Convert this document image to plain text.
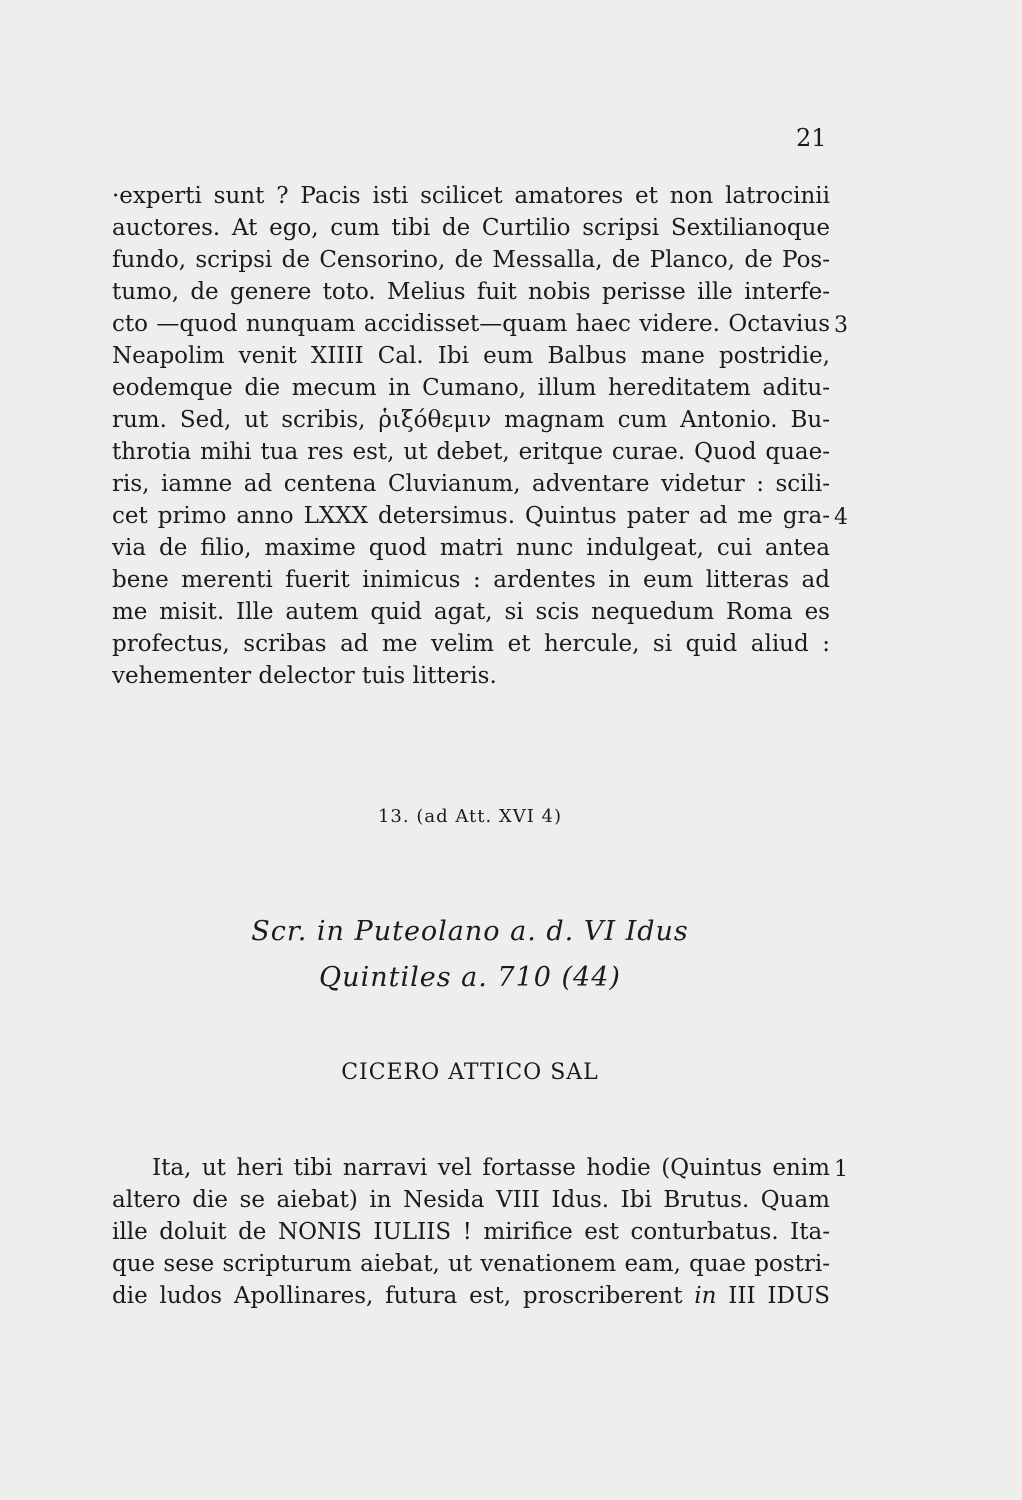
21
·experti sunt ? Pacis isti scilicet amatores et non latrocinii
auctores. At ego, cum tibi de Curtilio scripsi Sextilianoque
fundo, scripsi de Censorino, de Messalla, de Planco, de Pos-
tumo, de genere toto. Melius fuit nobis perisse ille interfe-
cto —quod nunquam accidisset—quam haec videre. Octavius
Neapolim venit XIIII Cal. Ibi eum Balbus mane postridie,
eodemque die mecum in Cumano, illum hereditatem aditu-
rum. Sed, ut scribis, ῥιξόθεμιν magnam cum Antonio. Bu-
throtia mihi tua res est, ut debet, eritque curae. Quod quae-
ris, iamne ad centena Cluvianum, adventare videtur : scili-
cet primo anno LXXX detersimus. Quintus pater ad me gra-
via de filio, maxime quod matri nunc indulgeat, cui antea
bene merenti fuerit inimicus : ardentes in eum litteras ad
me misit. Ille autem quid agat, si scis nequedum Roma es
profectus, scribas ad me velim et hercule, si quid aliud :
vehementer delector tuis litteris.
3
4
13. (ad Att. XVI 4)
Scr. in Puteolano a. d. VI Idus
Quintiles a. 710 (44)
CICERO ATTICO SAL
Ita, ut heri tibi narravi vel fortasse hodie (Quintus enim 1
altero die se aiebat) in Nesida VIII Idus. Ibi Brutus. Quam
ille doluit de NONIS IULIIS ! mirifice est conturbatus. Ita-
que sese scripturum aiebat, ut venationem eam, quae postri-
die ludos Apollinares, futura est, proscriberent in III IDUS
